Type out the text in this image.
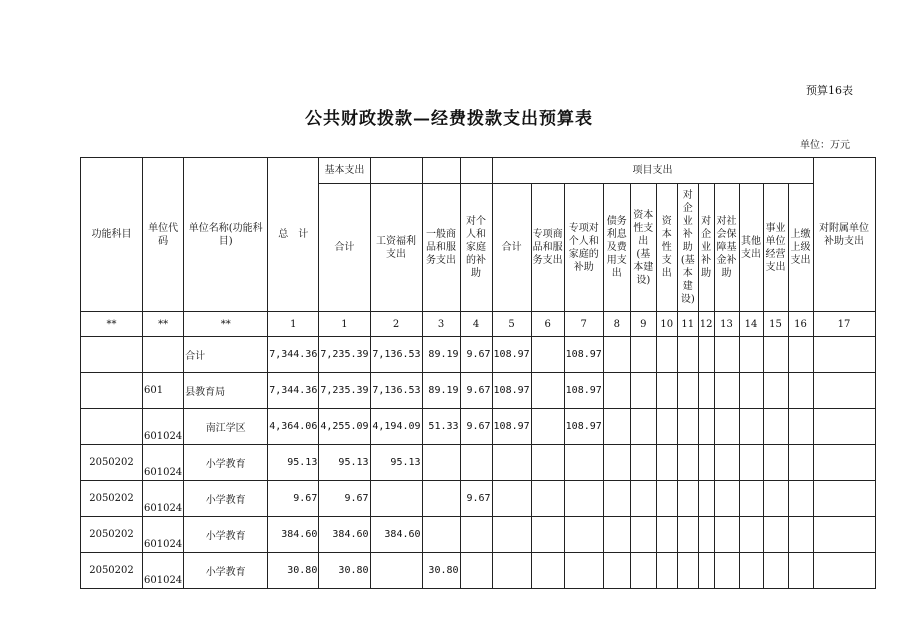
预算16表
公共财政拨款—经费拨款支出预算表
单位：万元
功能科目	单位代码	单位名称(功能科目)	总　计	基本支出				项目支出												对附属单位补助支出
				合计	工资福利支出	一般商品和服务支出	对个人和家庭的补助	合计	专项商品和服务支出	专项对个人和家庭的补助	债务利息及费用支出	资本性支出(基本建设)	资本性支出	对企业补助(基本建设)	对企业补助	对社会保障基金补助	其他支出	事业单位经营支出	上缴上级支出	
**	**	**	1	1	2	3	4	5	6	7	8	9	10	11	12	13	14	15	16	17
		合计	7,344.36	7,235.39	7,136.53	89.19	9.67	108.97		108.97										
	601	县教育局	7,344.36	7,235.39	7,136.53	89.19	9.67	108.97		108.97										
	601024	南江学区	4,364.06	4,255.09	4,194.09	51.33	9.67	108.97		108.97										
2050202	601024	小学教育	95.13	95.13	95.13															
2050202	601024	小学教育	9.67	9.67			9.67													
2050202	601024	小学教育	384.60	384.60	384.60															
2050202	601024	小学教育	30.80	30.80		30.80														
